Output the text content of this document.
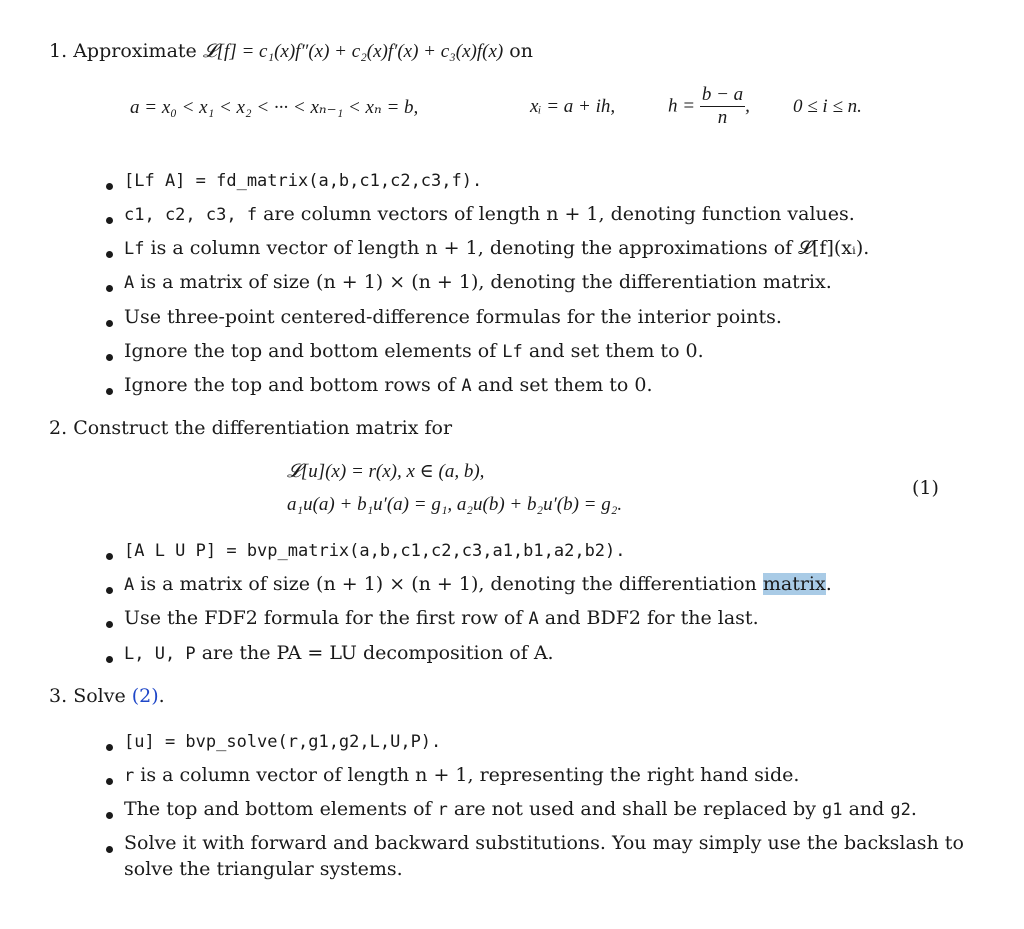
1. Approximate 𝓛[f] = c₁(x)f″(x) + c₂(x)f′(x) + c₃(x)f(x) on
a = x₀ < x₁ < x₂ < ··· < xₙ₋₁ < xₙ = b,	xᵢ = a + ih,	$h = \frac{b - a}{n}$ , 0 ≤ i ≤ n.
[Lf A] = fd_matrix(a,b,c1,c2,c3,f).
c1, c2, c3, f are column vectors of length n + 1, denoting function values.
Lf is a column vector of length n + 1, denoting the approximations of 𝓛[f](xᵢ).
A is a matrix of size (n + 1) × (n + 1), denoting the differentiation matrix.
Use three-point centered-difference formulas for the interior points.
Ignore the top and bottom elements of Lf and set them to 0.
Ignore the top and bottom rows of A and set them to 0.
2. Construct the differentiation matrix for
𝓛[u](x) = r(x), x ∈ (a, b),
a₁u(a) + b₁u′(a) = g₁, a₂u(b) + b₂u′(b) = g₂.
(1)
[A L U P] = bvp_matrix(a,b,c1,c2,c3,a1,b1,a2,b2).
A is a matrix of size (n + 1) × (n + 1), denoting the differentiation matrix.
Use the FDF2 formula for the first row of A and BDF2 for the last.
L, U, P are the PA = LU decomposition of A.
3. Solve (2).
[u] = bvp_solve(r,g1,g2,L,U,P).
r is a column vector of length n + 1, representing the right hand side.
The top and bottom elements of r are not used and shall be replaced by g1 and g2.
Solve it with forward and backward substitutions. You may simply use the backslash to
solve the triangular systems.
